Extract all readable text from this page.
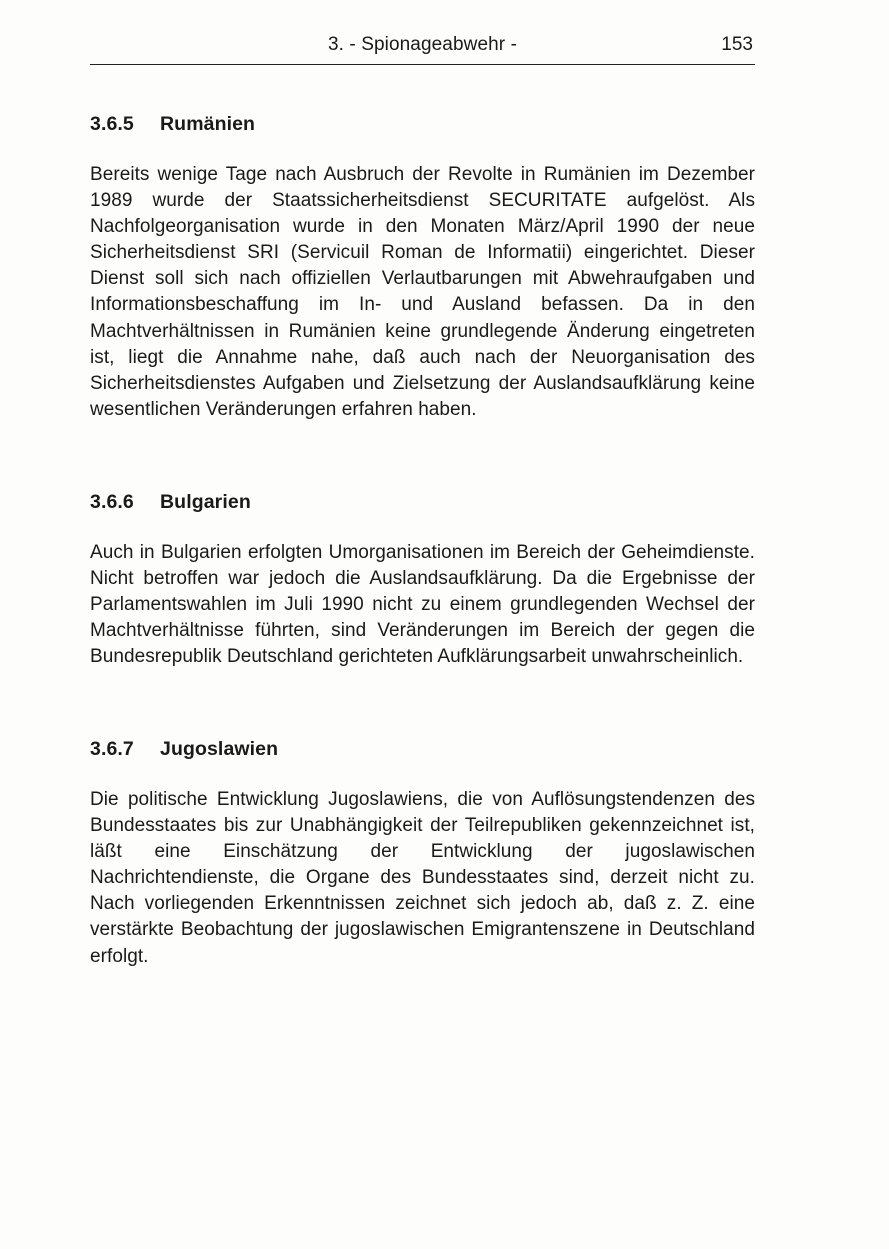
3. - Spionageabwehr -	153
3.6.5 Rumänien

Bereits wenige Tage nach Ausbruch der Revolte in Rumänien im Dezember 1989 wurde der Staatssicherheitsdienst SECURITATE aufgelöst. Als Nachfolgeorganisation wurde in den Monaten März/April 1990 der neue Sicherheitsdienst SRI (Servicuil Roman de Informatii) eingerichtet. Dieser Dienst soll sich nach offiziellen Verlautbarungen mit Abwehraufgaben und Informationsbeschaffung im In- und Ausland befassen. Da in den Machtverhältnissen in Rumänien keine grundlegende Änderung eingetreten ist, liegt die Annahme nahe, daß auch nach der Neuorganisation des Sicherheitsdienstes Aufgaben und Zielsetzung der Auslandsaufklärung keine wesentlichen Veränderungen erfahren haben.

3.6.6 Bulgarien

Auch in Bulgarien erfolgten Umorganisationen im Bereich der Geheimdienste. Nicht betroffen war jedoch die Auslandsaufklärung. Da die Ergebnisse der Parlamentswahlen im Juli 1990 nicht zu einem grundlegenden Wechsel der Machtverhältnisse führten, sind Veränderungen im Bereich der gegen die Bundesrepublik Deutschland gerichteten Aufklärungsarbeit unwahrscheinlich.

3.6.7 Jugoslawien

Die politische Entwicklung Jugoslawiens, die von Auflösungstendenzen des Bundesstaates bis zur Unabhängigkeit der Teilrepubliken gekennzeichnet ist, läßt eine Einschätzung der Entwicklung der jugoslawischen Nachrichtendienste, die Organe des Bundesstaates sind, derzeit nicht zu. Nach vorliegenden Erkenntnissen zeichnet sich jedoch ab, daß z. Z. eine verstärkte Beobachtung der jugoslawischen Emigrantenszene in Deutschland erfolgt.
